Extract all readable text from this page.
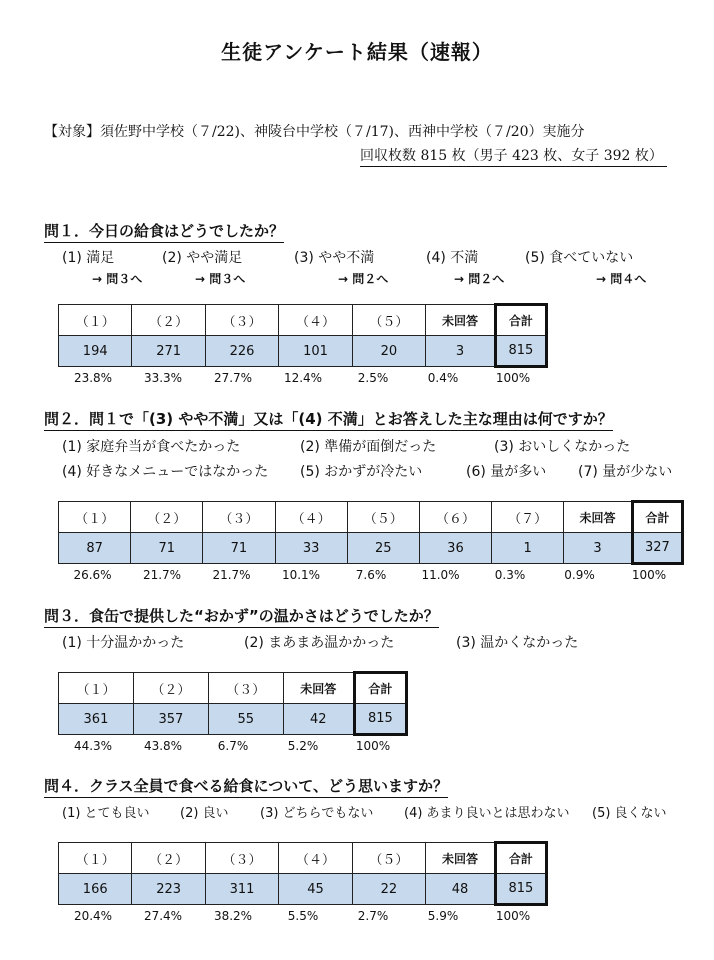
生徒アンケート結果（速報）
【対象】須佐野中学校（７/22)、神陵台中学校（７/17)、西神中学校（７/20）実施分
回収枚数 815 枚（男子 423 枚、女子 392 枚）
問１．今日の給食はどうでしたか？
(1) 満足	(2) やや満足	(3) やや不満	(4) 不満	(5) 食べていない
→ 問３へ	→ 問３へ	→ 問２へ	→ 問２へ	→ 問４へ
（１）	（２）	（３）	（４）	（５）	未回答	合計
194	271	226	101	20	3	815
23.8%	33.3%	27.7%	12.4%	2.5%	0.4%	100%
問２．問１で「(3) やや不満」又は「(4) 不満」とお答えした主な理由は何ですか？
(1) 家庭弁当が食べたかった	(2) 準備が面倒だった	(3) おいしくなかった
(4) 好きなメニューではなかった (5) おかずが冷たい	(6) 量が多い (7) 量が少ない
（１）	（２）	（３）	（４）	（５）	（６）	（７）	未回答	合計
87	71	71	33	25	36	1	3	327
26.6%	21.7%	21.7%	10.1%	7.6%	11.0%	0.3%	0.9%	100%
問３．食缶で提供した“おかず”の温かさはどうでしたか？
(1) 十分温かかった	(2) まあまあ温かかった	(3) 温かくなかった
（１）	（２）	（３）	未回答	合計
361	357	55	42	815
44.3%	43.8%	6.7%	5.2%	100%
問４．クラス全員で食べる給食について、どう思いますか？
(1) とても良い (2) 良い (3) どちらでもない (4) あまり良いとは思わない (5) 良くない
（１）	（２）	（３）	（４）	（５）	未回答	合計
166	223	311	45	22	48	815
20.4%	27.4%	38.2%	5.5%	2.7%	5.9%	100%
